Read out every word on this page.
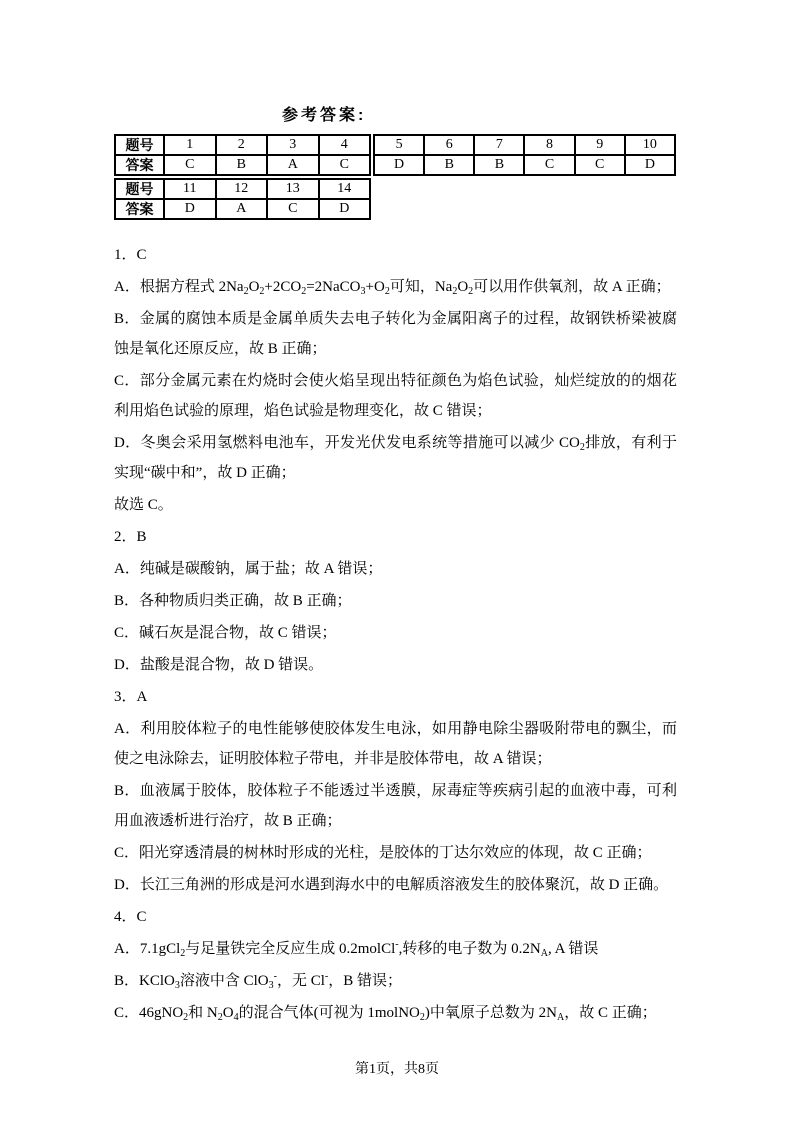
参考答案:
题号	1	2	3	4
答案	C	B	A	C
5	6	7	8	9	10
D	B	B	C	C	D
题号	11	12	13	14
答案	D	A	C	D

1．C

A．根据方程式 $2Na_2O_2+2CO_2=2NaCO_3+O_2$可知，$Na_2O_2$可以用作供氧剂，故 A 正确；

B．金属的腐蚀本质是金属单质失去电子转化为金属阳离子的过程，故钢铁桥梁被腐蚀是氧化还原反应，故 B 正确；

C．部分金属元素在灼烧时会使火焰呈现出特征颜色为焰色试验，灿烂绽放的的烟花利用焰色试验的原理，焰色试验是物理变化，故 C 错误；

D．冬奥会采用氢燃料电池车，开发光伏发电系统等措施可以减少 $CO_2$排放，有利于实现“碳中和”，故 D 正确；

故选 C。

2．B

A．纯碱是碳酸钠，属于盐；故 A 错误；

B．各种物质归类正确，故 B 正确；

C．碱石灰是混合物，故 C 错误；

D．盐酸是混合物，故 D 错误。

3．A

A．利用胶体粒子的电性能够使胶体发生电泳，如用静电除尘器吸附带电的飘尘，而使之电泳除去，证明胶体粒子带电，并非是胶体带电，故 A 错误；

B．血液属于胶体，胶体粒子不能透过半透膜，尿毒症等疾病引起的血液中毒，可利用血液透析进行治疗，故 B 正确；

C．阳光穿透清晨的树林时形成的光柱，是胶体的丁达尔效应的体现，故 C 正确；

D．长江三角洲的形成是河水遇到海水中的电解质溶液发生的胶体聚沉，故 D 正确。

4．C

A．7.1gCl$_2$与足量铁完全反应生成 0.2molCl-,转移的电子数为 $0.2N_A$, A 错误

B．KClO$_3$溶液中含 ClO$_3$-，无 Cl-，B 错误；

C．46gNO$_2$和 $N_2O_4$的混合气体(可视为 1molNO$_2$)中氧原子总数为 $2N_A$，故 C 正确；

第1页，共8页
